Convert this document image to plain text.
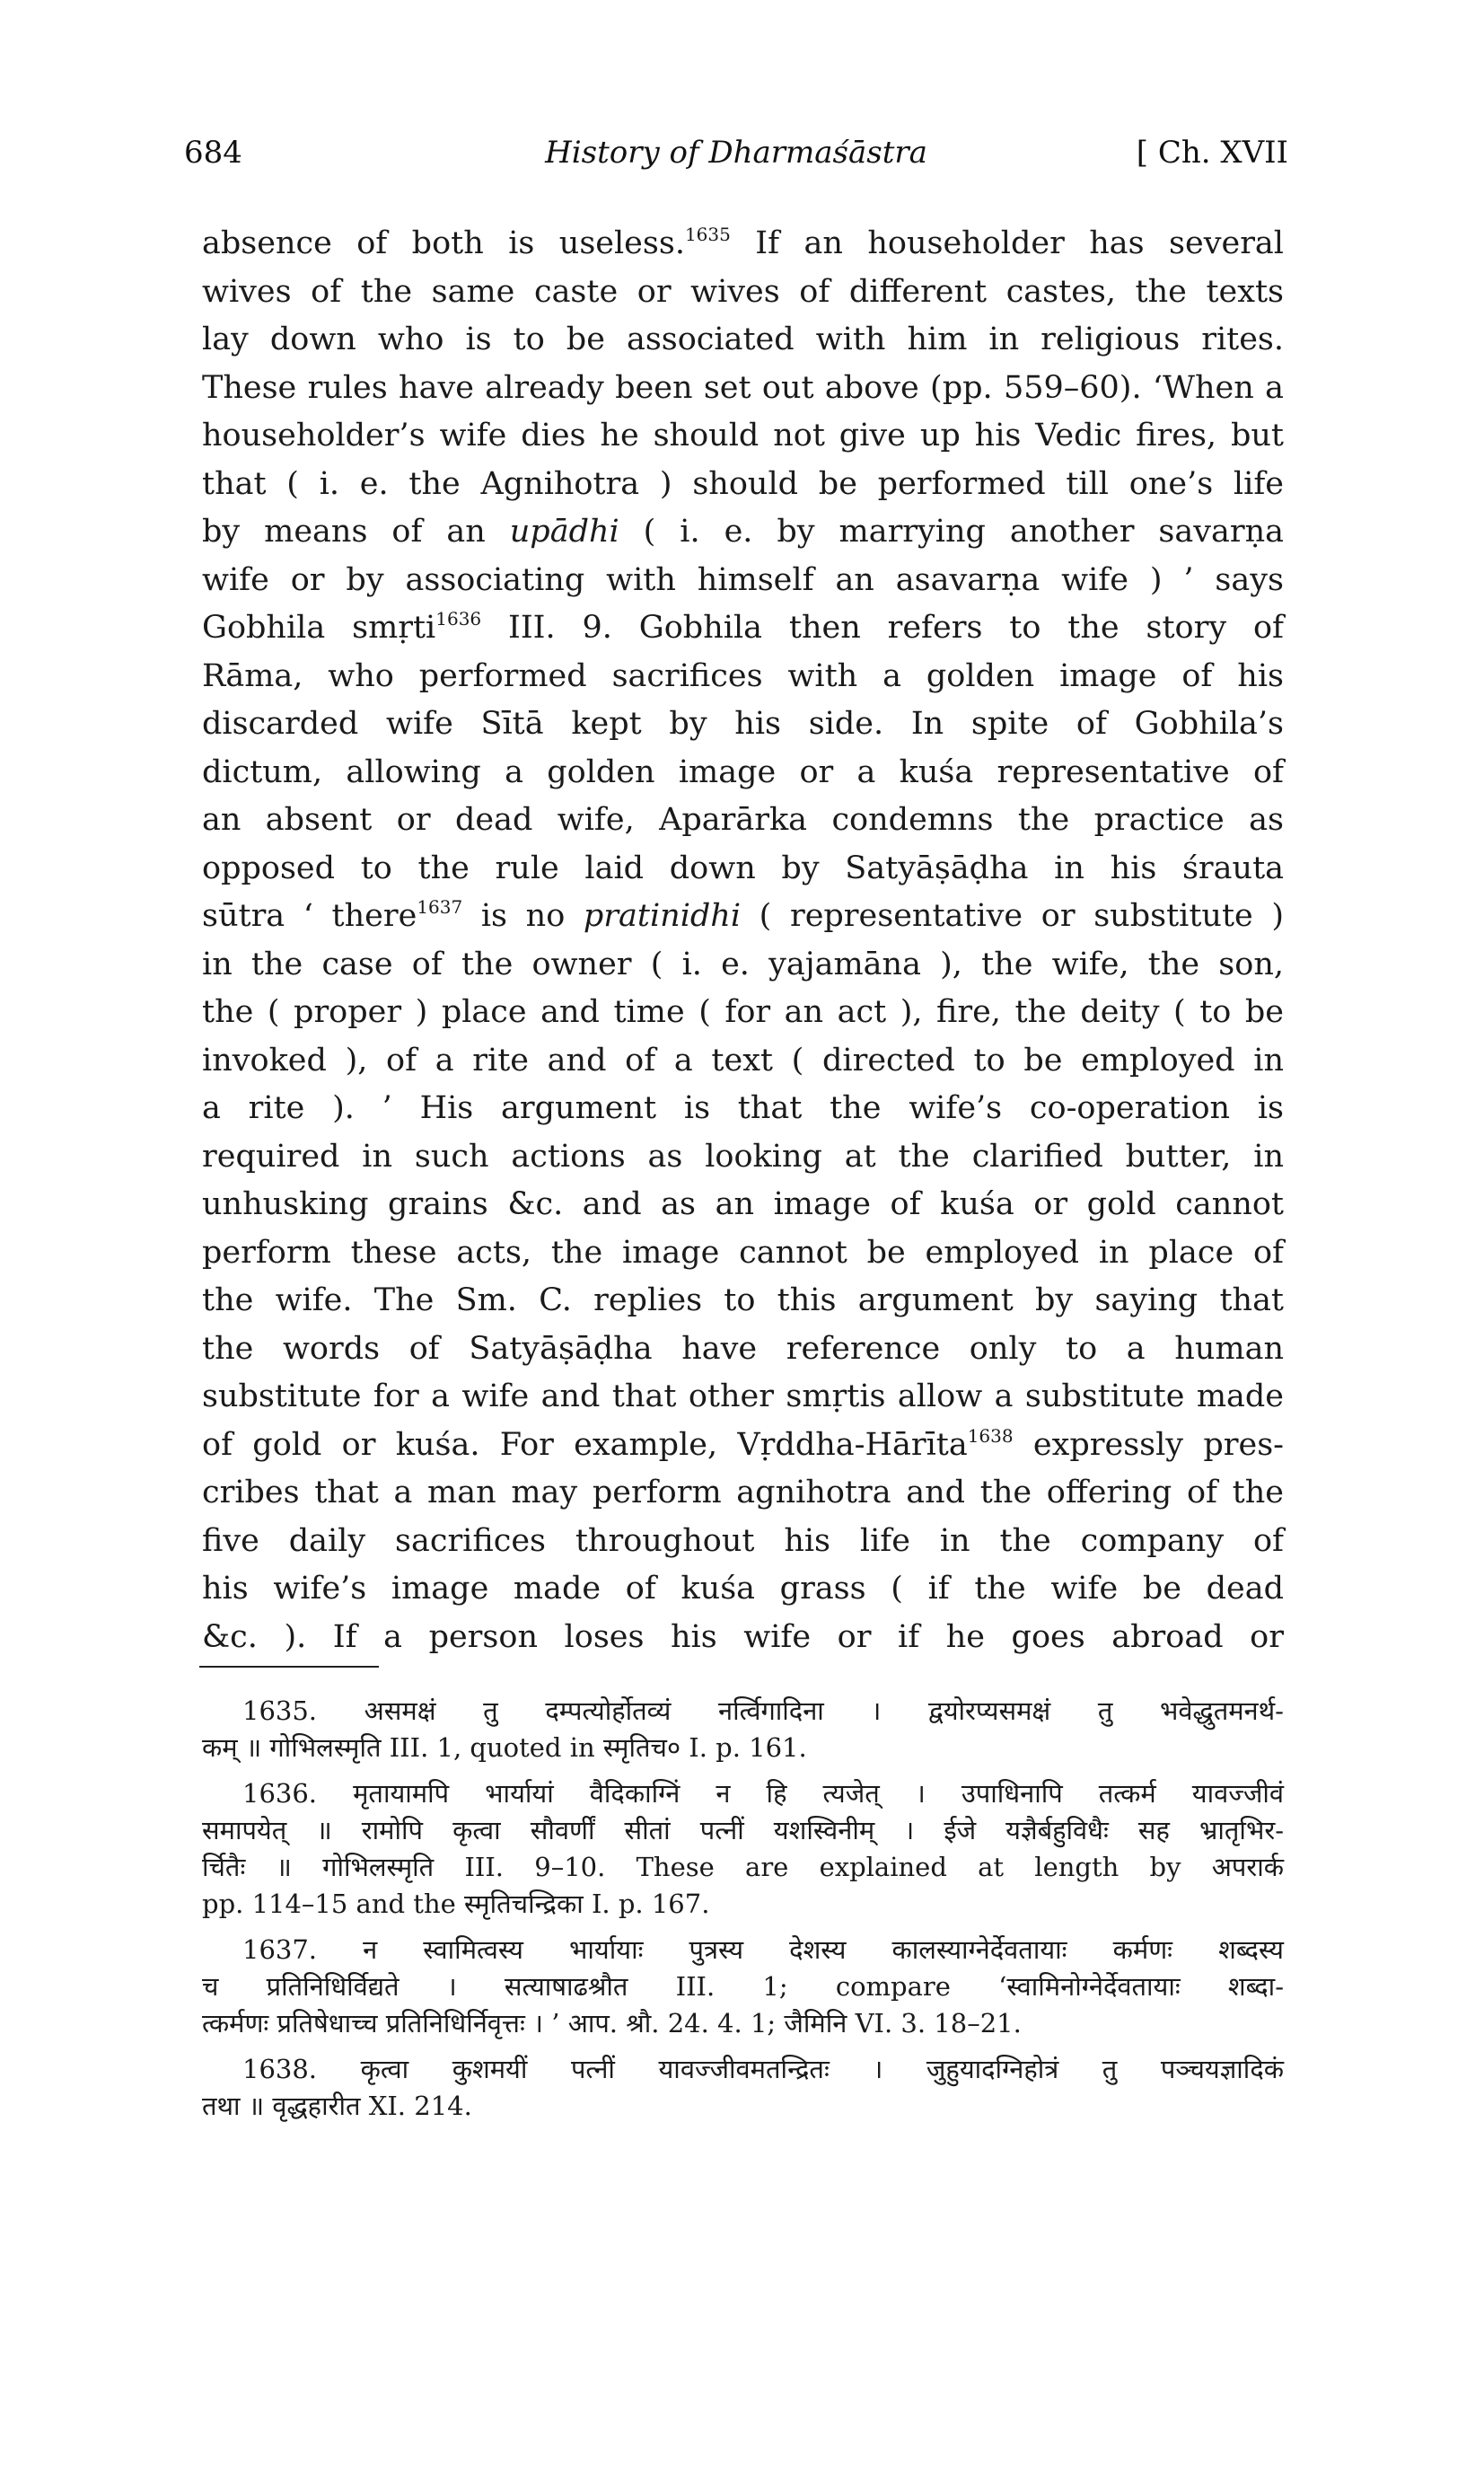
684	History of Dharmaśāstra	[ Ch. XVII
absence of both is useless.$^{1635}$ If an householder has several
wives of the same caste or wives of different castes, the texts
lay down who is to be associated with him in religious rites.
These rules have already been set out above (pp. 559–60). ‘When a
householder’s wife dies he should not give up his Vedic fires, but
that ( i. e. the Agnihotra ) should be performed till one’s life
by means of an upādhi ( i. e. by marrying another savarṇa
wife or by associating with himself an asavarṇa wife ) ’ says
Gobhila smṛti$^{1636}$ III. 9. Gobhila then refers to the story of
Rāma, who performed sacrifices with a golden image of his
discarded wife Sītā kept by his side. In spite of Gobhila’s
dictum, allowing a golden image or a kuśa representative of
an absent or dead wife, Aparārka condemns the practice as
opposed to the rule laid down by Satyāṣāḍha in his śrauta
sūtra ‘ there$^{1637}$ is no pratinidhi ( representative or substitute )
in the case of the owner ( i. e. yajamāna ), the wife, the son,
the ( proper ) place and time ( for an act ), fire, the deity ( to be
invoked ), of a rite and of a text ( directed to be employed in
a rite ). ’ His argument is that the wife’s co-operation is
required in such actions as looking at the clarified butter, in
unhusking grains &c. and as an image of kuśa or gold cannot
perform these acts, the image cannot be employed in place of
the wife. The Sm. C. replies to this argument by saying that
the words of Satyāṣāḍha have reference only to a human
substitute for a wife and that other smṛtis allow a substitute made
of gold or kuśa. For example, Vṛddha-Hārīta$^{1638}$ expressly pres-
cribes that a man may perform agnihotra and the offering of the
five daily sacrifices throughout his life in the company of
his wife’s image made of kuśa grass ( if the wife be dead
&c. ). If a person loses his wife or if he goes abroad or
1635. असमक्षं तु दम्पत्योर्होतव्यं नर्त्विगादिना । द्वयोरप्यसमक्षं तु भवेद्धुतमनर्थ-
कम् ॥ गोभिलस्मृति III. 1, quoted in स्मृतिच० I. p. 161.
1636. मृतायामपि भार्यायां वैदिकाग्निं न हि त्यजेत् । उपाधिनापि तत्कर्म यावज्जीवं
समापयेत् ॥ रामोपि कृत्वा सौवर्णीं सीतां पत्नीं यशस्विनीम् । ईजे यज्ञैर्बहुविधैः सह भ्रातृभिर-
र्चितैः ॥ गोभिलस्मृति III. 9–10. These are explained at length by अपरार्क
pp. 114–15 and the स्मृतिचन्द्रिका I. p. 167.
1637. न स्वामित्वस्य भार्यायाः पुत्रस्य देशस्य कालस्याग्नेर्देवतायाः कर्मणः शब्दस्य
च प्रतिनिधिर्विद्यते । सत्याषाढश्रौत III. 1; compare ‘स्वामिनोग्नेर्देवतायाः शब्दा-
त्कर्मणः प्रतिषेधाच्च प्रतिनिधिर्निवृत्तः । ’ आप. श्रौ. 24. 4. 1; जैमिनि VI. 3. 18–21.
1638. कृत्वा कुशमयीं पत्नीं यावज्जीवमतन्द्रितः । जुहुयादग्निहोत्रं तु पञ्चयज्ञादिकं
तथा ॥ वृद्धहारीत XI. 214.
